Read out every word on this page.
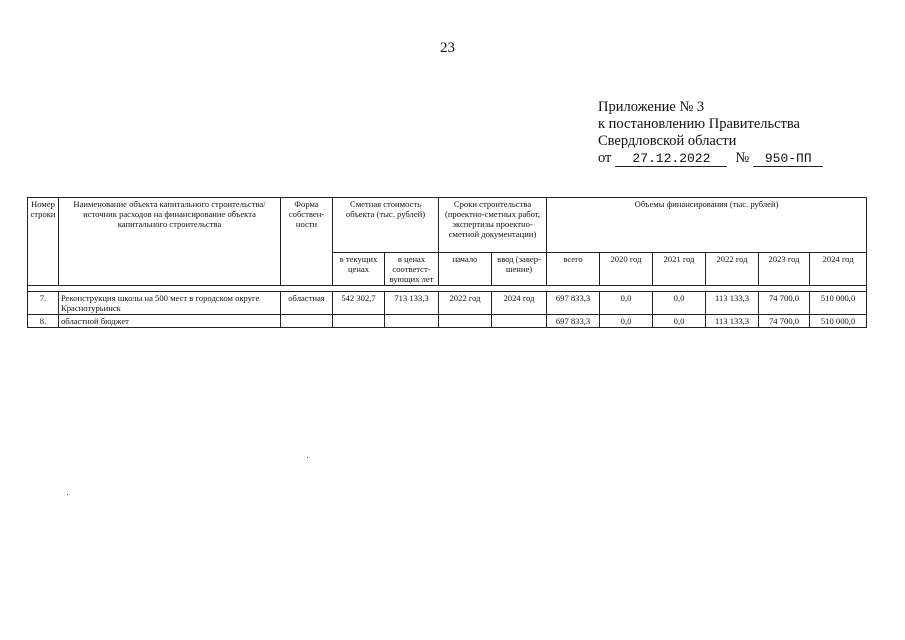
23
Приложение № 3
к постановлению Правительства
Свердловской области
от 27.12.2022 № 950-ПП
Номер строки	Наименование объекта капитального строительства/ источник расходов на финансирование объекта капитального строительства	Форма собствен-ности	Сметная стоимость объекта (тыс. рублей)		Сроки строительства (проектно-сметных работ, экспертизы проектно-сметной документации)		Объемы финансирования (тыс. рублей)					
			в текущих ценах	в ценах соответст-вующих лет	начало	ввод (завер-шение)	всего	2020 год	2021 год	2022 год	2023 год	2024 год

7.	Реконструкция школы на 500 мест в городском округе Краснотурьинск	областная	542 302,7	713 133,3	2022 год	2024 год	697 833,3	0,0	0,0	113 133,3	74 700,0	510 000,0
8.	областной бюджет						697 833,3	0,0	0,0	113 133,3	74 700,0	510 000,0
